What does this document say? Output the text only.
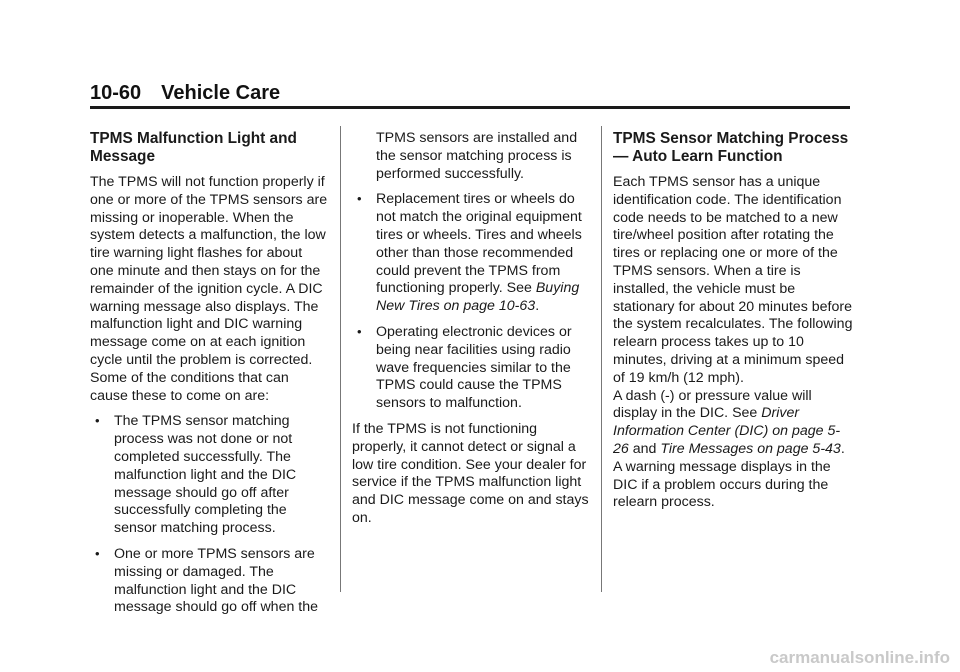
10-60 Vehicle Care
TPMS Malfunction Light and Message

The TPMS will not function properly if one or more of the TPMS sensors are missing or inoperable. When the system detects a malfunction, the low tire warning light flashes for about one minute and then stays on for the remainder of the ignition cycle. A DIC warning message also displays. The malfunction light and DIC warning message come on at each ignition cycle until the problem is corrected. Some of the conditions that can cause these to come on are:

• The TPMS sensor matching process was not done or not completed successfully. The malfunction light and the DIC message should go off after successfully completing the sensor matching process.
• One or more TPMS sensors are missing or damaged. The malfunction light and the DIC message should go off when the
TPMS sensors are installed and the sensor matching process is performed successfully.
• Replacement tires or wheels do not match the original equipment tires or wheels. Tires and wheels other than those recommended could prevent the TPMS from functioning properly. See Buying New Tires on page 10-63.
• Operating electronic devices or being near facilities using radio wave frequencies similar to the TPMS could cause the TPMS sensors to malfunction.

If the TPMS is not functioning properly, it cannot detect or signal a low tire condition. See your dealer for service if the TPMS malfunction light and DIC message come on and stays on.

TPMS Sensor Matching Process — Auto Learn Function

Each TPMS sensor has a unique identification code. The identification code needs to be matched to a new tire/wheel position after rotating the tires or replacing one or more of the TPMS sensors. When a tire is installed, the vehicle must be stationary for about 20 minutes before the system recalculates. The following relearn process takes up to 10 minutes, driving at a minimum speed of 19 km/h (12 mph).

A dash (-) or pressure value will display in the DIC. See Driver Information Center (DIC) on page 5-26 and Tire Messages on page 5-43. A warning message displays in the DIC if a problem occurs during the relearn process.

carmanualsonline.info
